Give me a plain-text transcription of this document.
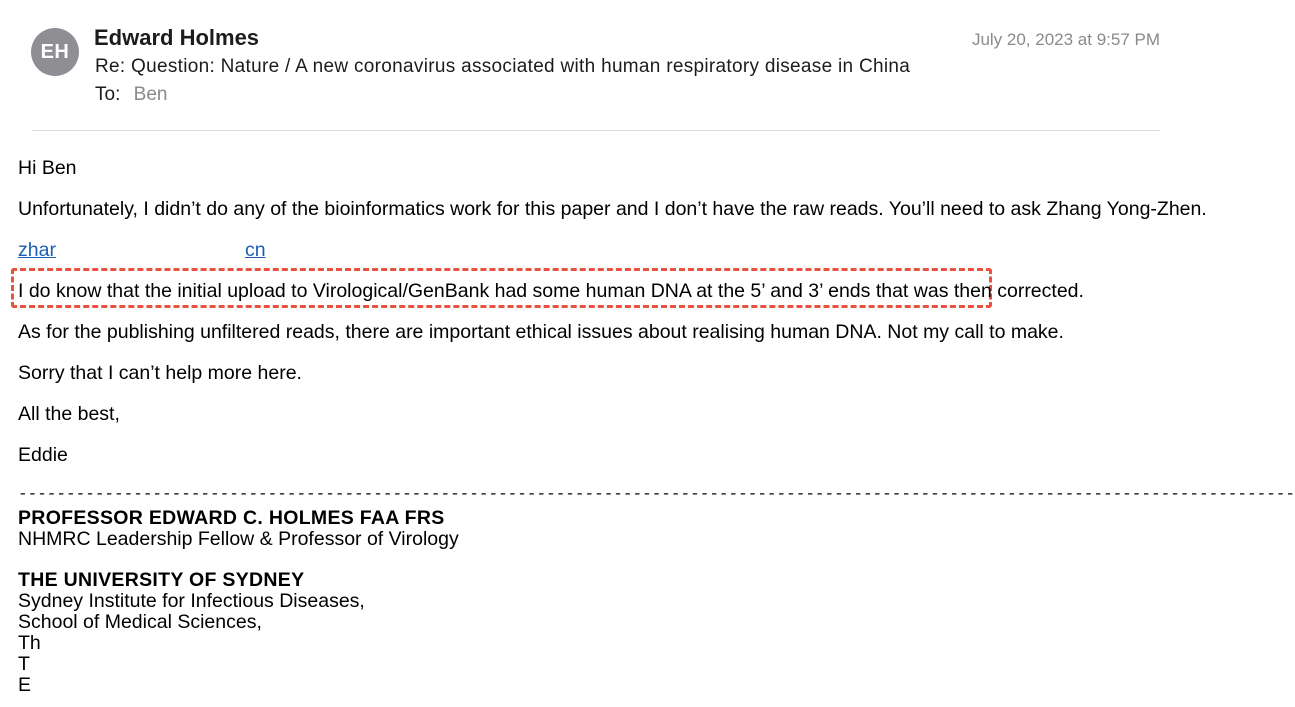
EH
Edward Holmes	July 20, 2023 at 9:57 PM
Re: Question: Nature / A new coronavirus associated with human respiratory disease in China
To: Ben
Hi Ben
Unfortunately, I didn’t do any of the bioinformatics work for this paper and I don’t have the raw reads. You’ll need to ask Zhang Yong-Zhen.
zhar	cn
I do know that the initial upload to Virological/GenBank had some human DNA at the 5’ and 3’ ends that was then corrected.
As for the publishing unfiltered reads, there are important ethical issues about realising human DNA. Not my call to make.
Sorry that I can’t help more here.
All the best,
Eddie
-------------------------------------------------------------------------------------------------------------------------------------
PROFESSOR EDWARD C. HOLMES FAA FRS
NHMRC Leadership Fellow & Professor of Virology
THE UNIVERSITY OF SYDNEY
Sydney Institute for Infectious Diseases,
School of Medical Sciences,
Th
T
E
